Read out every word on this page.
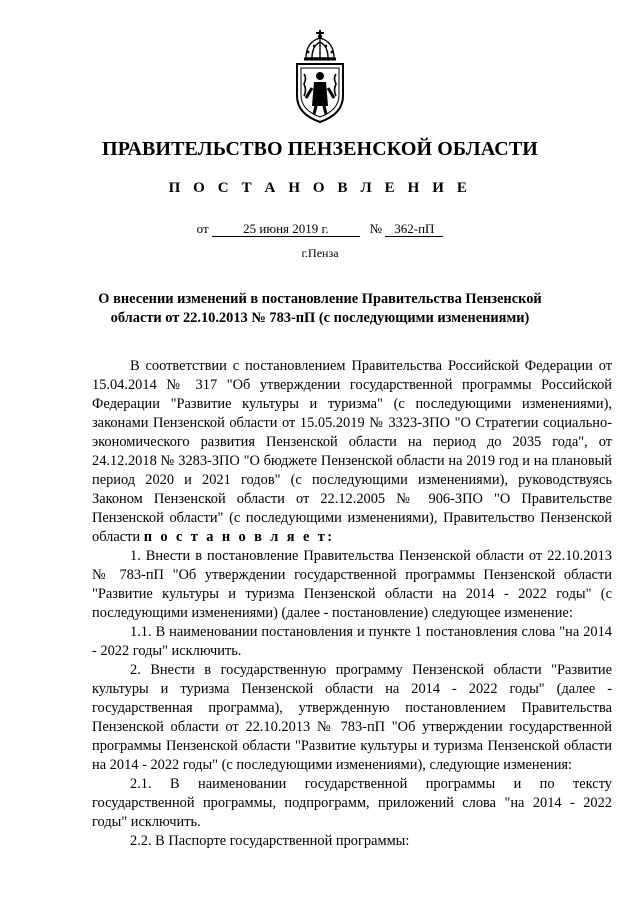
ПРАВИТЕЛЬСТВО ПЕНЗЕНСКОЙ ОБЛАСТИ
П О С Т А Н О В Л Е Н И Е
от	25 июня 2019 г.	№ 362-пП
г.Пенза
О внесении изменений в постановление Правительства Пензенской области от 22.10.2013 № 783-пП (с последующими изменениями)

В соответствии с постановлением Правительства Российской Федерации от 15.04.2014 № 317 "Об утверждении государственной программы Российской Федерации "Развитие культуры и туризма" (с последующими изменениями), законами Пензенской области от 15.05.2019 № 3323-ЗПО "О Стратегии социально-экономического развития Пензенской области на период до 2035 года", от 24.12.2018 № 3283-ЗПО "О бюджете Пензенской области на 2019 год и на плановый период 2020 и 2021 годов" (с последующими изменениями), руководствуясь Законом Пензенской области от 22.12.2005 № 906-ЗПО "О Правительстве Пензенской области" (с последующими изменениями), Правительство Пензенской области п о с т а н о в л я е т:

1. Внести в постановление Правительства Пензенской области от 22.10.2013 № 783-пП "Об утверждении государственной программы Пензенской области "Развитие культуры и туризма Пензенской области на 2014 - 2022 годы" (с последующими изменениями) (далее - постановление) следующее изменение:

1.1. В наименовании постановления и пункте 1 постановления слова "на 2014 - 2022 годы" исключить.

2. Внести в государственную программу Пензенской области "Развитие культуры и туризма Пензенской области на 2014 - 2022 годы" (далее - государственная программа), утвержденную постановлением Правительства Пензенской области от 22.10.2013 № 783-пП "Об утверждении государственной программы Пензенской области "Развитие культуры и туризма Пензенской области на 2014 - 2022 годы" (с последующими изменениями), следующие изменения:

2.1. В наименовании государственной программы и по тексту государственной программы, подпрограмм, приложений слова "на 2014 - 2022 годы" исключить.

2.2. В Паспорте государственной программы:
